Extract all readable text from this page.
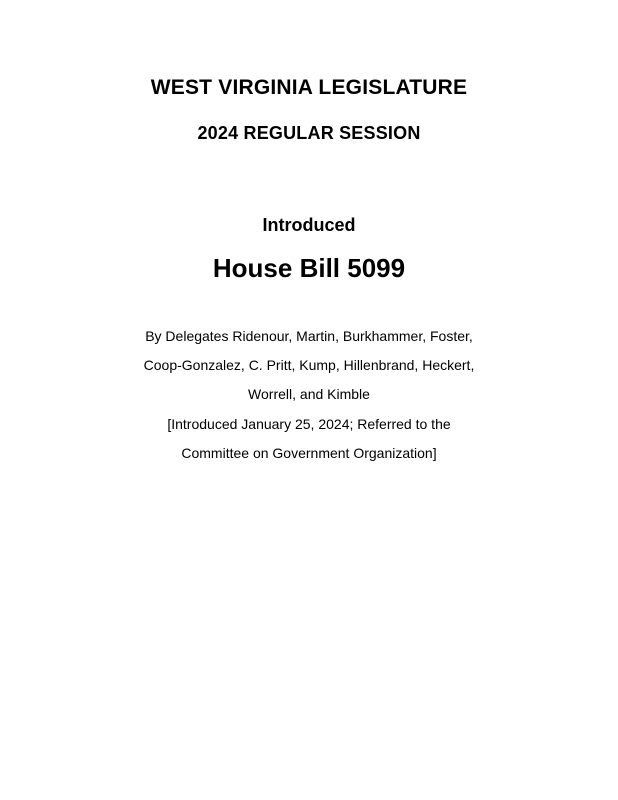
WEST VIRGINIA LEGISLATURE
2024 REGULAR SESSION
Introduced
House Bill 5099
By Delegates Ridenour, Martin, Burkhammer, Foster,
Coop-Gonzalez, C. Pritt, Kump, Hillenbrand, Heckert,
Worrell, and Kimble
[Introduced January 25, 2024; Referred to the
Committee on Government Organization]
